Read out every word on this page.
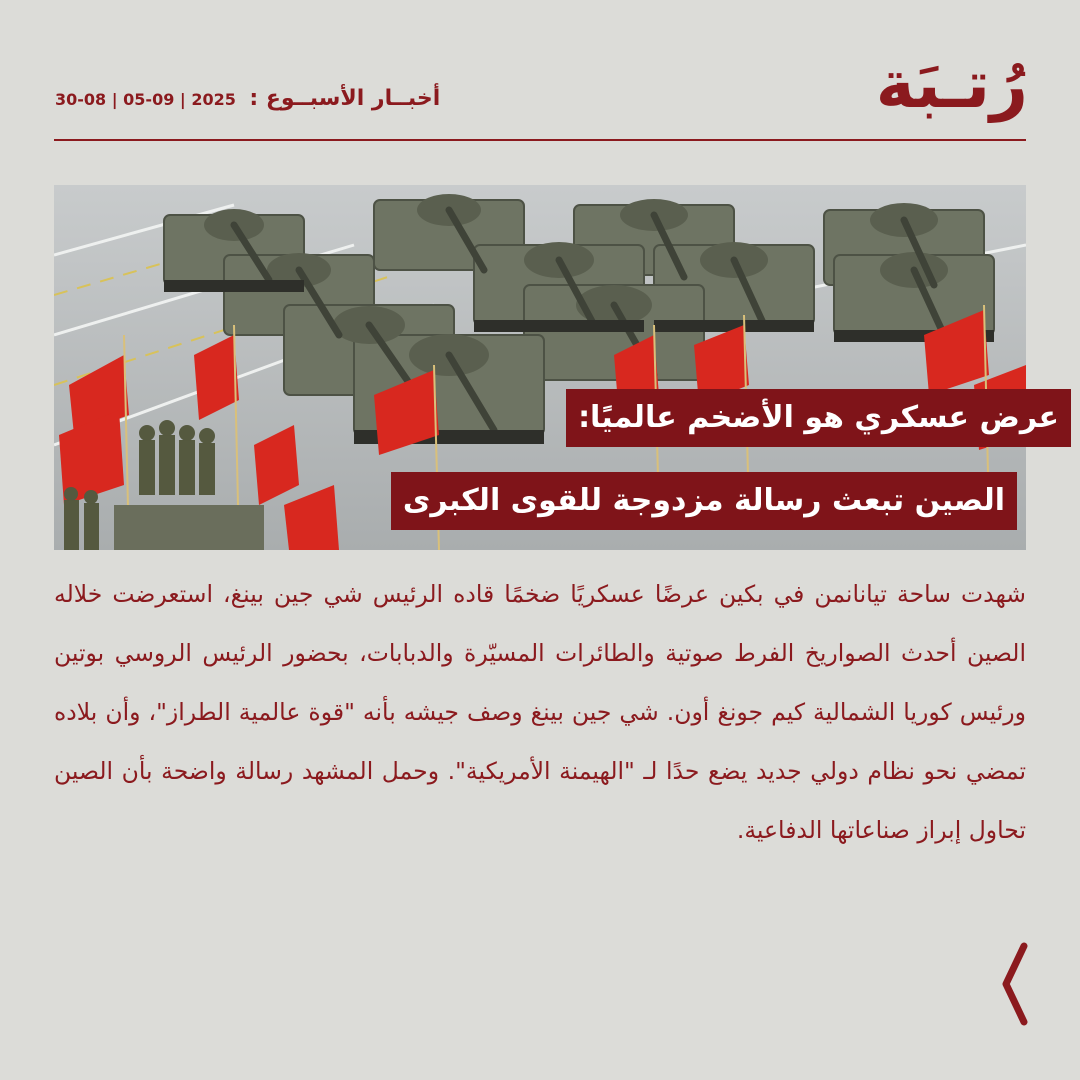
رُتـبَة
أخبــار الأسبــوع : 30-08 | 05-09 | 2025
عرض عسكري هو الأضخم عالميًا:
الصين تبعث رسالة مزدوجة للقوى الكبرى

شهدت ساحة تيانانمن في بكين عرضًا عسكريًا ضخمًا قاده الرئيس شي جين بينغ، استعرضت خلاله الصين أحدث الصواريخ الفرط صوتية والطائرات المسيّرة والدبابات، بحضور الرئيس الروسي بوتين ورئيس كوريا الشمالية كيم جونغ أون. شي جين بينغ وصف جيشه بأنه "قوة عالمية الطراز"، وأن بلاده تمضي نحو نظام دولي جديد يضع حدًا لـ "الهيمنة الأمريكية". وحمل المشهد رسالة واضحة بأن الصين تحاول إبراز صناعاتها الدفاعية.
